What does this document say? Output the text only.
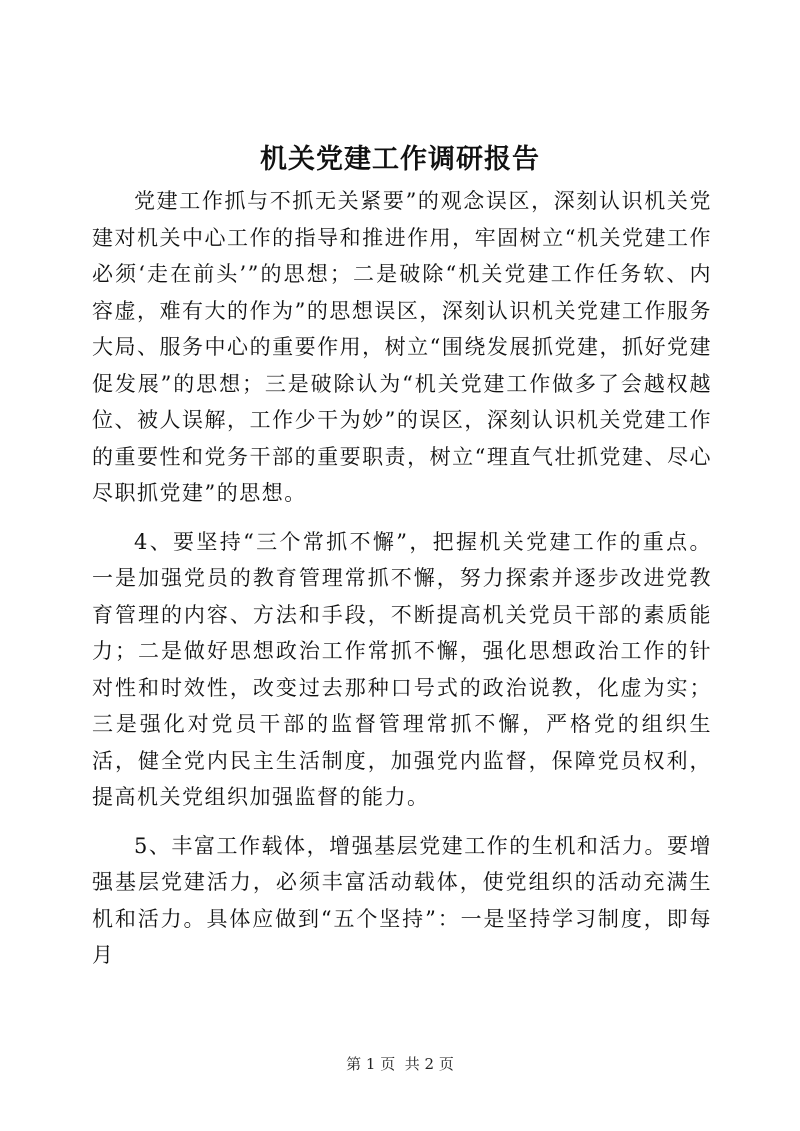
机关党建工作调研报告

党建工作抓与不抓无关紧要”的观念误区，深刻认识机关党建对机关中心工作的指导和推进作用，牢固树立“机关党建工作必须‘走在前头’”的思想；二是破除“机关党建工作任务软、内容虚，难有大的作为”的思想误区，深刻认识机关党建工作服务大局、服务中心的重要作用，树立“围绕发展抓党建，抓好党建促发展”的思想；三是破除认为“机关党建工作做多了会越权越位、被人误解，工作少干为妙”的误区，深刻认识机关党建工作的重要性和党务干部的重要职责，树立“理直气壮抓党建、尽心尽职抓党建”的思想。

4、要坚持“三个常抓不懈”，把握机关党建工作的重点。一是加强党员的教育管理常抓不懈，努力探索并逐步改进党教育管理的内容、方法和手段，不断提高机关党员干部的素质能力；二是做好思想政治工作常抓不懈，强化思想政治工作的针对性和时效性，改变过去那种口号式的政治说教，化虚为实；三是强化对党员干部的监督管理常抓不懈，严格党的组织生活，健全党内民主生活制度，加强党内监督，保障党员权利，提高机关党组织加强监督的能力。

5、丰富工作载体，增强基层党建工作的生机和活力。要增强基层党建活力，必须丰富活动载体，使党组织的活动充满生机和活力。具体应做到“五个坚持”：一是坚持学习制度，即每月

第 1 页  共 2 页
